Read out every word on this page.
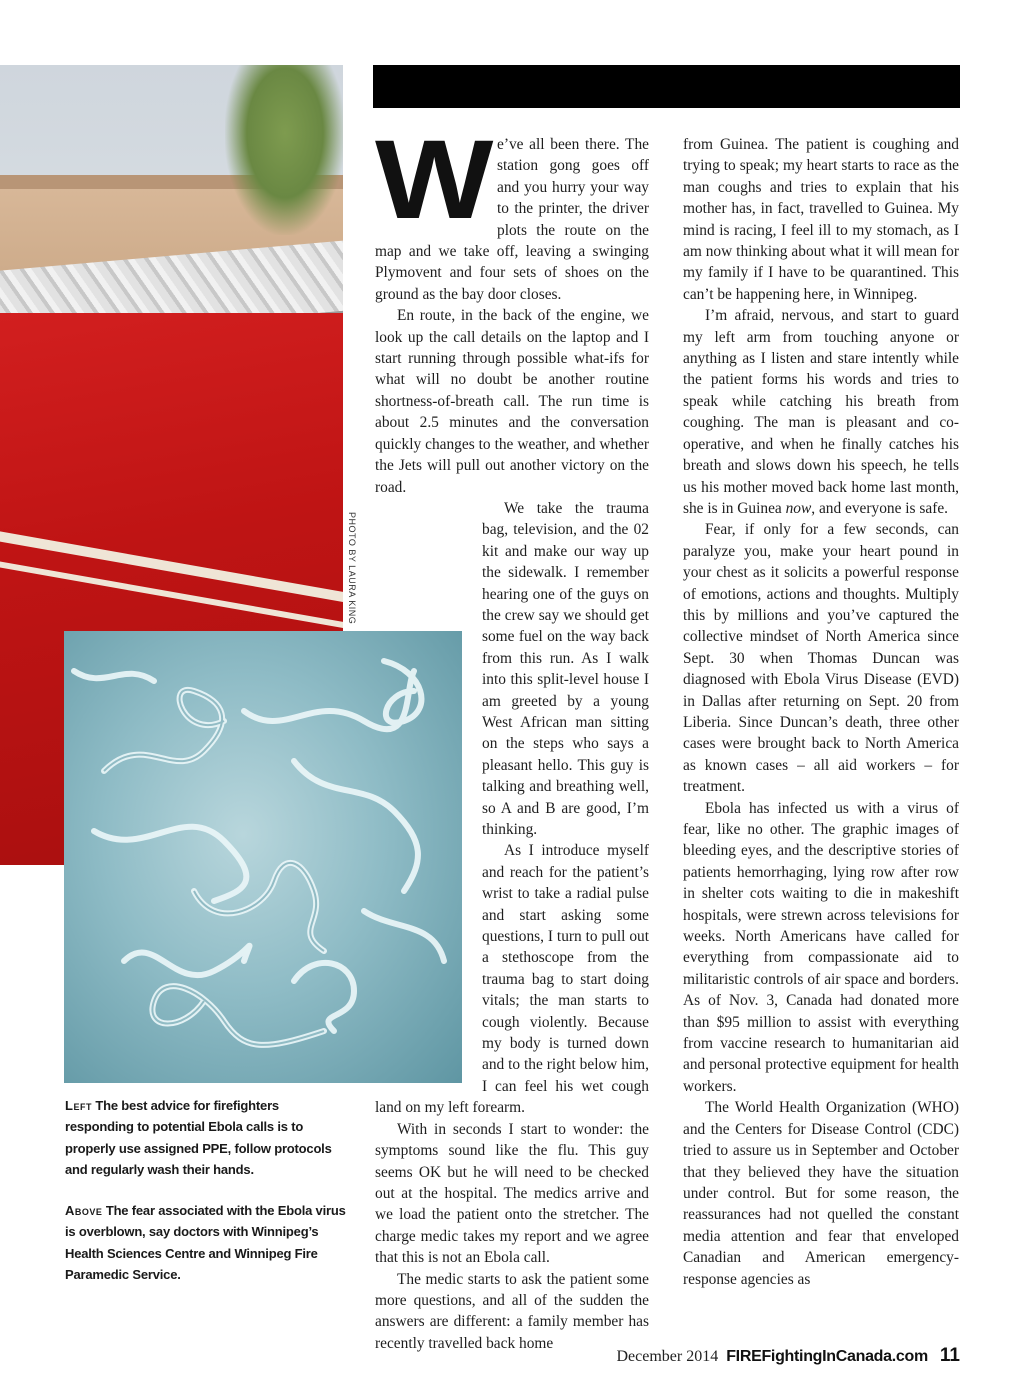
PHOTO BY LAURA KING
W e’ve all been there. The station gong goes off and you hurry your way to the printer, the driver plots the route on the map and we take off, leaving a swinging Plymovent and four sets of shoes on the ground as the bay door closes.

En route, in the back of the engine, we look up the call details on the laptop and I start running through possible what-ifs for what will no doubt be another routine shortness-of-breath call. The run time is about 2.5 minutes and the conversation quickly changes to the weather, and whether the Jets will pull out another victory on the road.

We take the trauma bag, television, and the 02 kit and make our way up the sidewalk. I remember hearing one of the guys on the crew say we should get some fuel on the way back from this run. As I walk into this split-level house I am greeted by a young West African man sitting on the steps who says a pleasant hello. This guy is talking and breathing well, so A and B are good, I’m thinking.

As I introduce myself and reach for the patient’s wrist to take a radial pulse and start asking some questions, I turn to pull out a stethoscope from the trauma bag to start doing vitals; the man starts to cough violently. Because my body is turned down and to the right below him, I can feel his wet cough land on my left forearm.

With in seconds I start to wonder: the symptoms sound like the flu. This guy seems OK but he will need to be checked out at the hospital. The medics arrive and we load the patient onto the stretcher. The charge medic takes my report and we agree that this is not an Ebola call.

The medic starts to ask the patient some more questions, and all of the sudden the answers are different: a family member has recently travelled back home

from Guinea. The patient is coughing and trying to speak; my heart starts to race as the man coughs and tries to explain that his mother has, in fact, travelled to Guinea. My mind is racing, I feel ill to my stomach, as I am now thinking about what it will mean for my family if I have to be quarantined. This can’t be happening here, in Winnipeg.

I’m afraid, nervous, and start to guard my left arm from touching anyone or anything as I listen and stare intently while the patient forms his words and tries to speak while catching his breath from coughing. The man is pleasant and co-operative, and when he finally catches his breath and slows down his speech, he tells us his mother moved back home last month, she is in Guinea now, and everyone is safe.

Fear, if only for a few seconds, can paralyze you, make your heart pound in your chest as it solicits a powerful response of emotions, actions and thoughts. Multiply this by millions and you’ve captured the collective mindset of North America since Sept. 30 when Thomas Duncan was diagnosed with Ebola Virus Disease (EVD) in Dallas after returning on Sept. 20 from Liberia. Since Duncan’s death, three other cases were brought back to North America as known cases – all aid workers – for treatment.

Ebola has infected us with a virus of fear, like no other. The graphic images of bleeding eyes, and the descriptive stories of patients hemorrhaging, lying row after row in shelter cots waiting to die in makeshift hospitals, were strewn across televisions for weeks. North Americans have called for everything from compassionate aid to militaristic controls of air space and borders. As of Nov. 3, Canada had donated more than $95 million to assist with everything from vaccine research to humanitarian aid and personal protective equipment for health workers.

The World Health Organization (WHO) and the Centers for Disease Control (CDC) tried to assure us in September and October that they believed they have the situation under control. But for some reason, the reassurances had not quelled the constant media attention and fear that enveloped Canadian and American emergency-response agencies as

Left The best advice for firefighters responding to potential Ebola calls is to properly use assigned PPE, follow protocols and regularly wash their hands.
Above The fear associated with the Ebola virus is overblown, say doctors with Winnipeg’s Health Sciences Centre and Winnipeg Fire Paramedic Service.
December 2014 FIREFightingInCanada.com 11
